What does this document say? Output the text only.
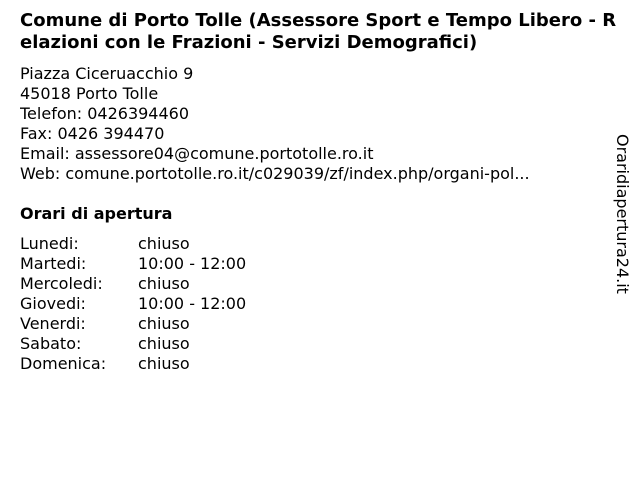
Comune di Porto Tolle (Assessore Sport e Tempo Libero - Relazioni con le Frazioni - Servizi Demografici)
Piazza Ciceruacchio 9
45018 Porto Tolle
Telefon: 0426394460
Fax: 0426 394470
Email: assessore04@comune.portotolle.ro.it
Web: comune.portotolle.ro.it/c029039/zf/index.php/organi-pol...
Orari di apertura
Lunedi:	chiuso
Martedi:	10:00 - 12:00
Mercoledi:	chiuso
Giovedi:	10:00 - 12:00
Venerdi:	chiuso
Sabato:	chiuso
Domenica:	chiuso
Oraridiapertura24.it
